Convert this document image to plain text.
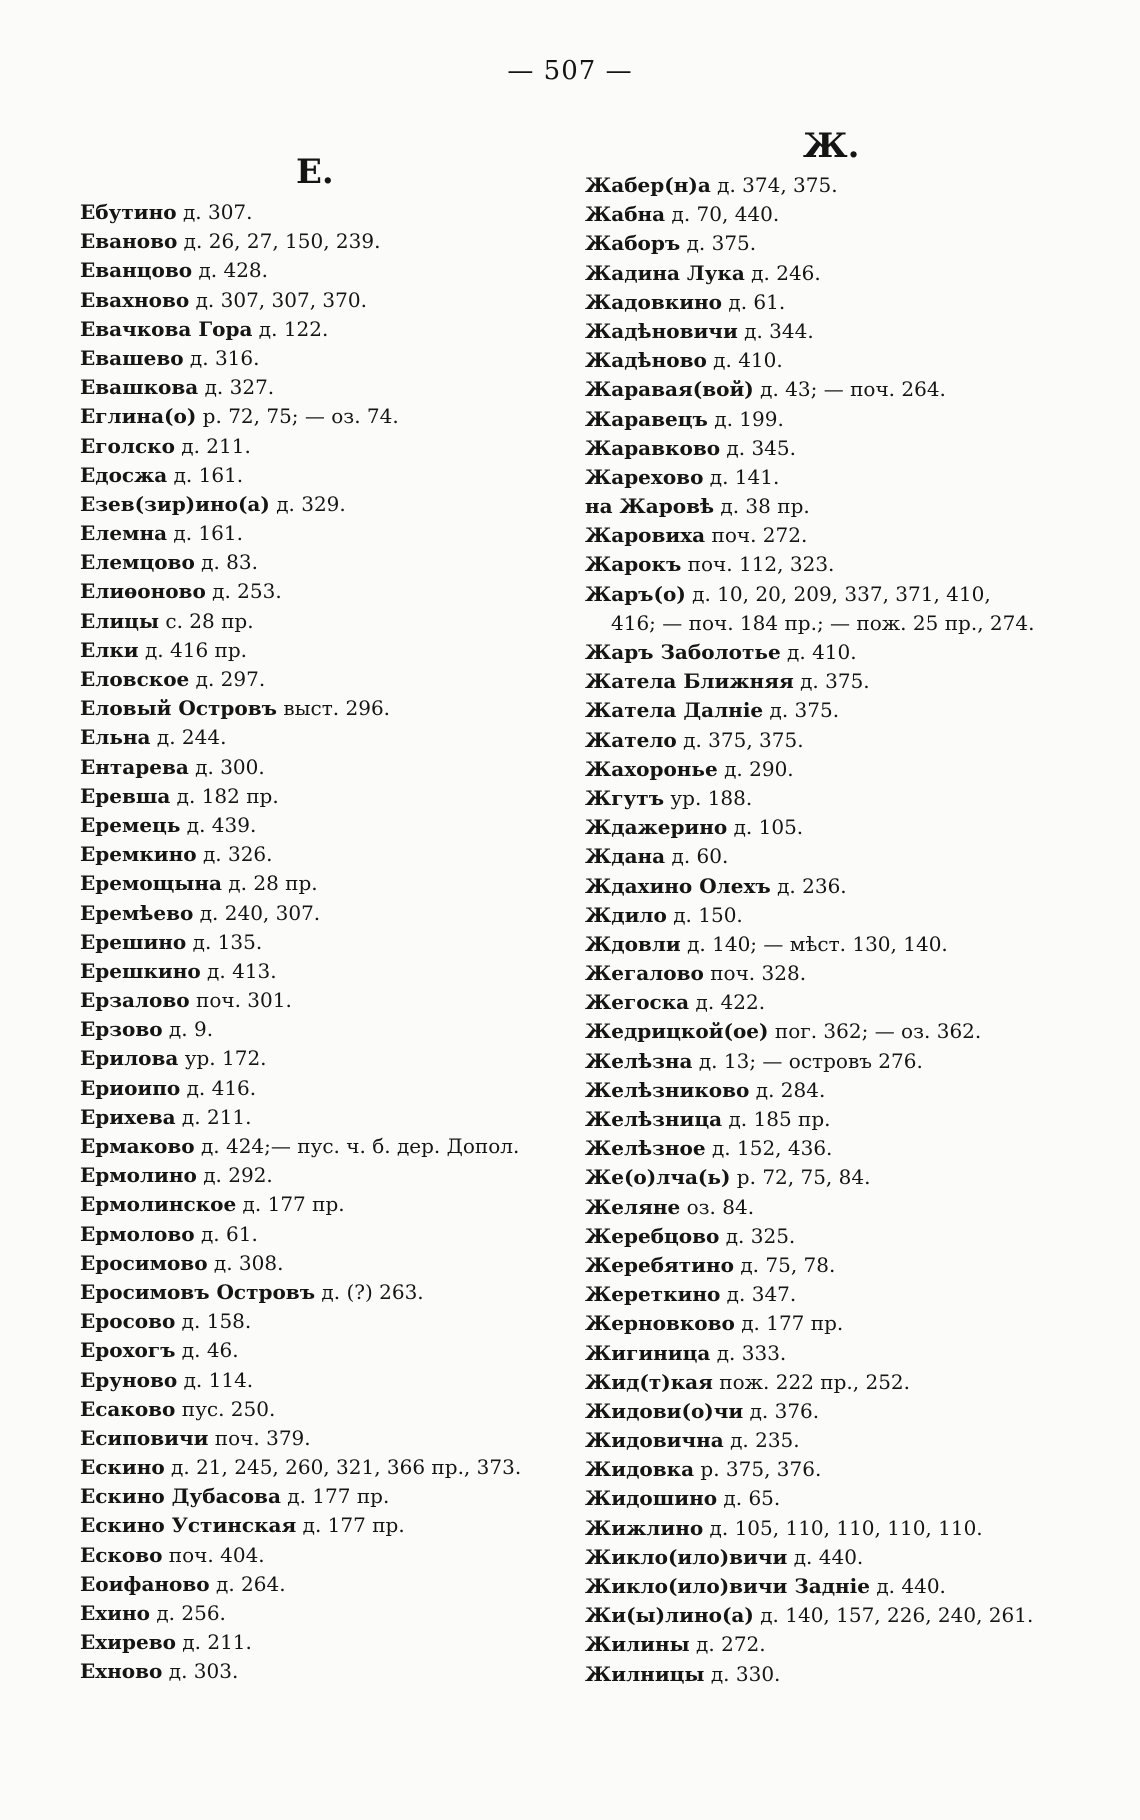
— 507 —
Е.
Ебутино д. 307.
Еваново д. 26, 27, 150, 239.
Еванцово д. 428.
Евахново д. 307, 307, 370.
Евачкова Гора д. 122.
Евашево д. 316.
Евашкова д. 327.
Еглина(о) р. 72, 75; — оз. 74.
Еголско д. 211.
Едосжа д. 161.
Езев(зир)ино(а) д. 329.
Елемна д. 161.
Елемцово д. 83.
Елиѳоново д. 253.
Елицы с. 28 пр.
Елки д. 416 пр.
Еловское д. 297.
Еловый Островъ выст. 296.
Ельна д. 244.
Ентарева д. 300.
Еревша д. 182 пр.
Еремець д. 439.
Еремкино д. 326.
Еремощына д. 28 пр.
Еремѣево д. 240, 307.
Ерешино д. 135.
Ерешкино д. 413.
Ерзалово поч. 301.
Ерзово д. 9.
Ерилова ур. 172.
Ериоипо д. 416.
Ерихева д. 211.
Ермаково д. 424;— пус. ч. б. дер. Допол.
Ермолино д. 292.
Ермолинское д. 177 пр.
Ермолово д. 61.
Еросимово д. 308.
Еросимовъ Островъ д. (?) 263.
Еросово д. 158.
Ерохогъ д. 46.
Еруново д. 114.
Есаково пус. 250.
Есиповичи поч. 379.
Ескино д. 21, 245, 260, 321, 366 пр., 373.
Ескино Дубасова д. 177 пр.
Ескино Устинская д. 177 пр.
Есково поч. 404.
Еоифаново д. 264.
Ехино д. 256.
Ехирево д. 211.
Ехново д. 303.
Ж.
Жабер(н)а д. 374, 375.
Жабна д. 70, 440.
Жаборъ д. 375.
Жадина Лука д. 246.
Жадовкино д. 61.
Жадѣновичи д. 344.
Жадѣново д. 410.
Жаравая(вой) д. 43; — поч. 264.
Жаравецъ д. 199.
Жаравково д. 345.
Жарехово д. 141.
на Жаровѣ д. 38 пр.
Жаровиха поч. 272.
Жарокъ поч. 112, 323.
Жаръ(о) д. 10, 20, 209, 337, 371, 410,
416; — поч. 184 пр.; — пож. 25 пр., 274.
Жаръ Заболотье д. 410.
Жатела Ближняя д. 375.
Жатела Далніе д. 375.
Жатело д. 375, 375.
Жахоронье д. 290.
Жгутъ ур. 188.
Ждажерино д. 105.
Ждана д. 60.
Ждахино Олехъ д. 236.
Ждило д. 150.
Ждовли д. 140; — мѣст. 130, 140.
Жегалово поч. 328.
Жегоска д. 422.
Жедрицкой(ое) пог. 362; — оз. 362.
Желѣзна д. 13; — островъ 276.
Желѣзниково д. 284.
Желѣзница д. 185 пр.
Желѣзное д. 152, 436.
Же(о)лча(ь) р. 72, 75, 84.
Желяне оз. 84.
Жеребцово д. 325.
Жеребятино д. 75, 78.
Жереткино д. 347.
Жерновково д. 177 пр.
Жигиница д. 333.
Жид(т)кая пож. 222 пр., 252.
Жидови(о)чи д. 376.
Жидовична д. 235.
Жидовка р. 375, 376.
Жидошино д. 65.
Жижлино д. 105, 110, 110, 110, 110.
Жикло(ило)вичи д. 440.
Жикло(ило)вичи Задніе д. 440.
Жи(ы)лино(а) д. 140, 157, 226, 240, 261.
Жилины д. 272.
Жилницы д. 330.
